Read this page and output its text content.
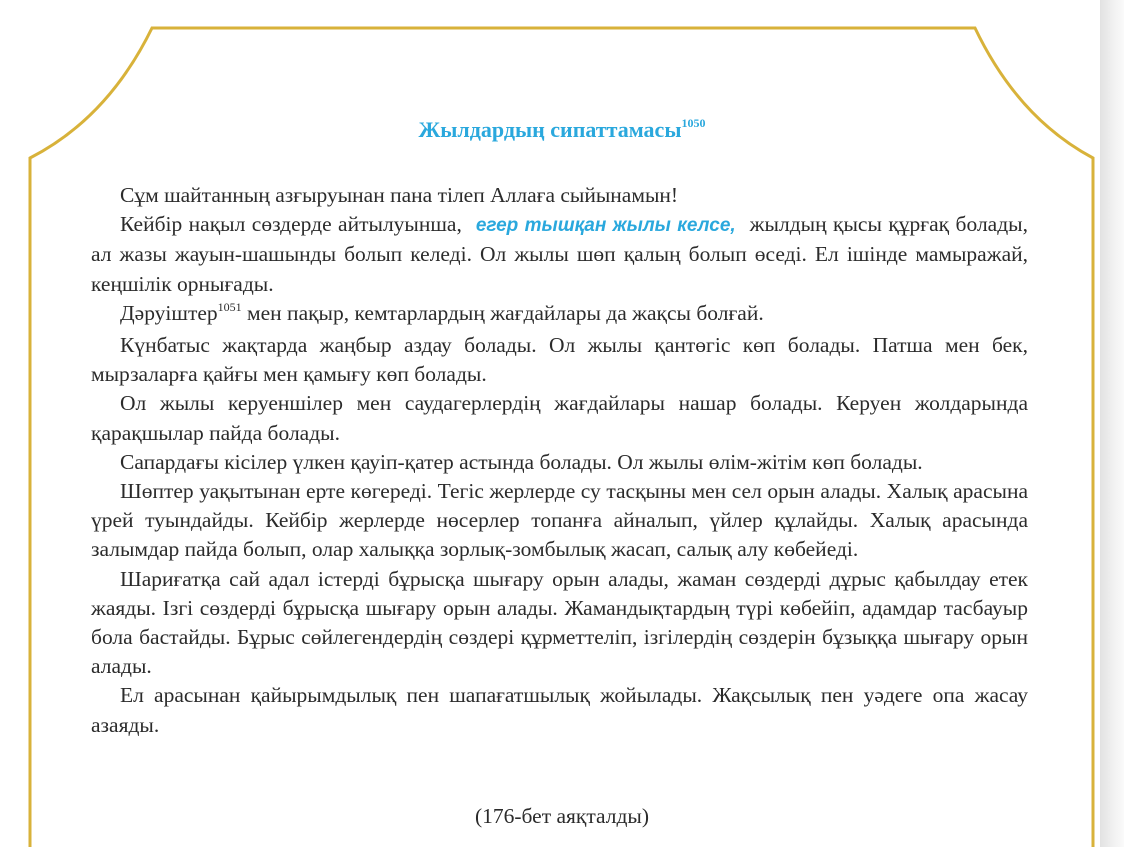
Жылдардың сипаттамасы$^{1050}$

Сұм шайтанның азғыруынан пана тілеп Аллаға сыйынамын!

Кейбір нақыл сөздерде айтылуынша, егер тышқан жылы келсе, жылдың қысы құрғақ болады, ал жазы жауын-шашынды болып келеді. Ол жылы шөп қалың болып өседі. Ел ішінде мамыражай, кеңшілік орнығады.

Дәруіштер$^{1051}$ мен пақыр, кемтарлардың жағдайлары да жақсы болғай.

Күнбатыс жақтарда жаңбыр аздау болады. Ол жылы қантөгіс көп болады. Патша мен бек, мырзаларға қайғы мен қамығу көп болады.

Ол жылы керуеншілер мен саудагерлердің жағдайлары нашар болады. Керуен жолдарында қарақшылар пайда болады.

Сапардағы кісілер үлкен қауіп-қатер астында болады. Ол жылы өлім-жітім көп болады.

Шөптер уақытынан ерте көгереді. Тегіс жерлерде су тасқыны мен сел орын алады. Халық арасына үрей туындайды. Кейбір жерлерде нөсерлер топанға айналып, үйлер құлайды. Халық арасында залымдар пайда болып, олар халыққа зорлық-зомбылық жасап, салық алу көбейеді.

Шариғатқа сай адал істерді бұрысқа шығару орын алады, жаман сөздерді дұрыс қабылдау етек жаяды. Ізгі сөздерді бұрысқа шығару орын алады. Жамандықтардың түрі көбейіп, адамдар тасбауыр бола бастайды. Бұрыс сөйлегендердің сөздері құрметтеліп, ізгілердің сөздерін бұзыққа шығару орын алады.

Ел арасынан қайырымдылық пен шапағатшылық жойылады. Жақсылық пен уәдеге опа жасау азаяды.

(176-бет аяқталды)
